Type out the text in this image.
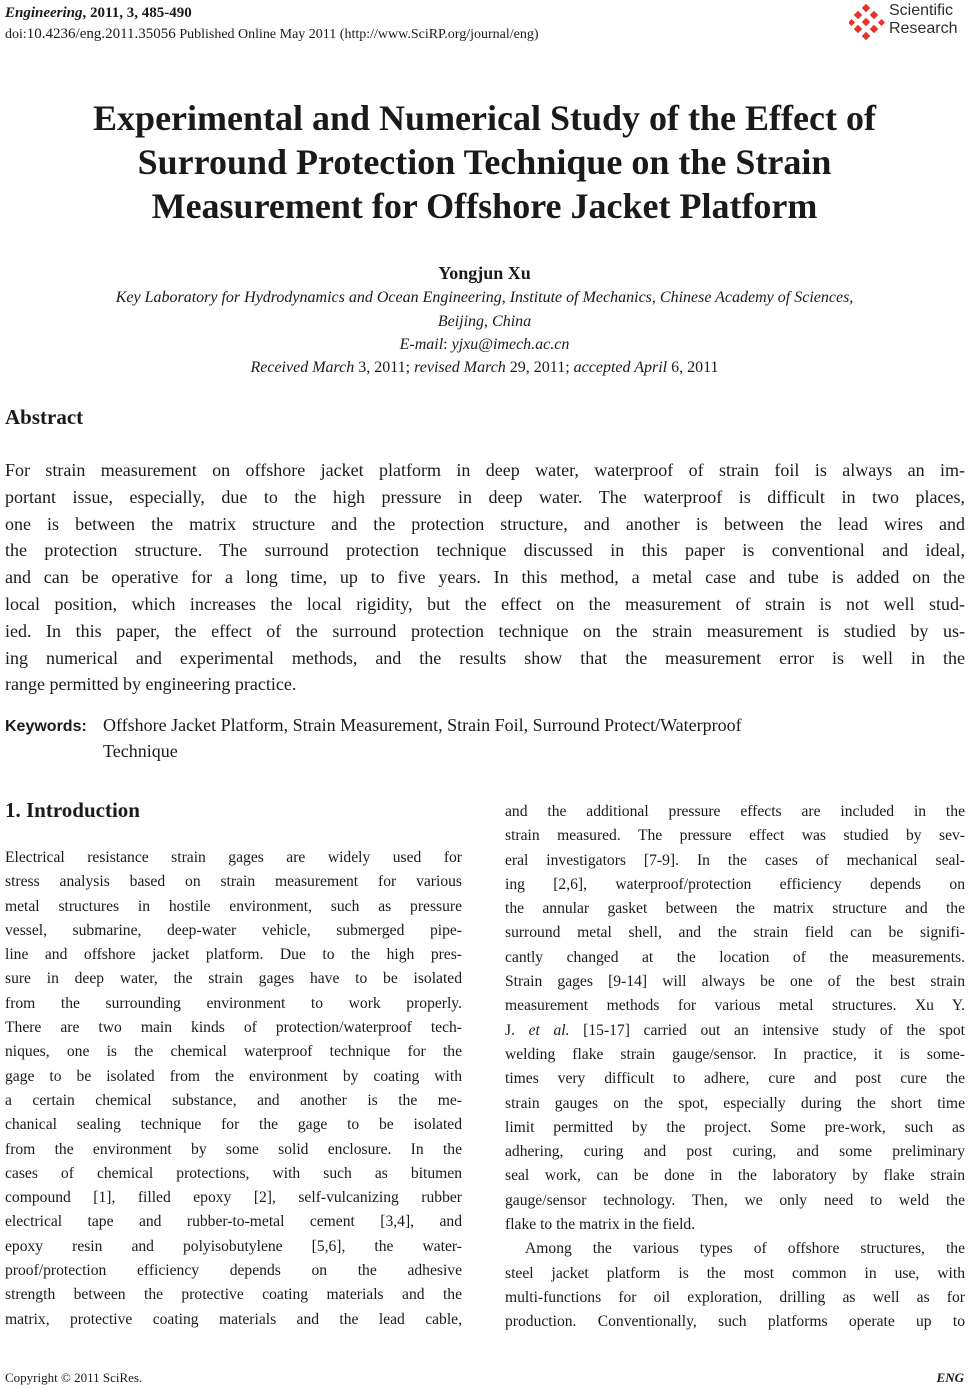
Engineering, 2011, 3, 485-490
doi:10.4236/eng.2011.35056 Published Online May 2011 (http://www.SciRP.org/journal/eng)
Scientific
Research
Experimental and Numerical Study of the Effect of
Surround Protection Technique on the Strain
Measurement for Offshore Jacket Platform
Yongjun Xu
Key Laboratory for Hydrodynamics and Ocean Engineering, Institute of Mechanics, Chinese Academy of Sciences,
Beijing, China
E-mail: yjxu@imech.ac.cn
Received March 3, 2011; revised March 29, 2011; accepted April 6, 2011
Abstract
For strain measurement on offshore jacket platform in deep water, waterproof of strain foil is always an im-
portant issue, especially, due to the high pressure in deep water. The waterproof is difficult in two places,
one is between the matrix structure and the protection structure, and another is between the lead wires and
the protection structure. The surround protection technique discussed in this paper is conventional and ideal,
and can be operative for a long time, up to five years. In this method, a metal case and tube is added on the
local position, which increases the local rigidity, but the effect on the measurement of strain is not well stud-
ied. In this paper, the effect of the surround protection technique on the strain measurement is studied by us-
ing numerical and experimental methods, and the results show that the measurement error is well in the
range permitted by engineering practice.
Keywords: Offshore Jacket Platform, Strain Measurement, Strain Foil, Surround Protect/Waterproof
Technique
1. Introduction
Electrical resistance strain gages are widely used for
stress analysis based on strain measurement for various
metal structures in hostile environment, such as pressure
vessel, submarine, deep-water vehicle, submerged pipe-
line and offshore jacket platform. Due to the high pres-
sure in deep water, the strain gages have to be isolated
from the surrounding environment to work properly.
There are two main kinds of protection/waterproof tech-
niques, one is the chemical waterproof technique for the
gage to be isolated from the environment by coating with
a certain chemical substance, and another is the me-
chanical sealing technique for the gage to be isolated
from the environment by some solid enclosure. In the
cases of chemical protections, with such as bitumen
compound [1], filled epoxy [2], self-vulcanizing rubber
electrical tape and rubber-to-metal cement [3,4], and
epoxy resin and polyisobutylene [5,6], the water-
proof/protection efficiency depends on the adhesive
strength between the protective coating materials and the
matrix, protective coating materials and the lead cable,
and the additional pressure effects are included in the
strain measured. The pressure effect was studied by sev-
eral investigators [7-9]. In the cases of mechanical seal-
ing [2,6], waterproof/protection efficiency depends on
the annular gasket between the matrix structure and the
surround metal shell, and the strain field can be signifi-
cantly changed at the location of the measurements.
Strain gages [9-14] will always be one of the best strain
measurement methods for various metal structures. Xu Y.
J. et al. [15-17] carried out an intensive study of the spot
welding flake strain gauge/sensor. In practice, it is some-
times very difficult to adhere, cure and post cure the
strain gauges on the spot, especially during the short time
limit permitted by the project. Some pre-work, such as
adhering, curing and post curing, and some preliminary
seal work, can be done in the laboratory by flake strain
gauge/sensor technology. Then, we only need to weld the
flake to the matrix in the field.
Among the various types of offshore structures, the
steel jacket platform is the most common in use, with
multi-functions for oil exploration, drilling as well as for
production. Conventionally, such platforms operate up to
Copyright © 2011 SciRes.	ENG
